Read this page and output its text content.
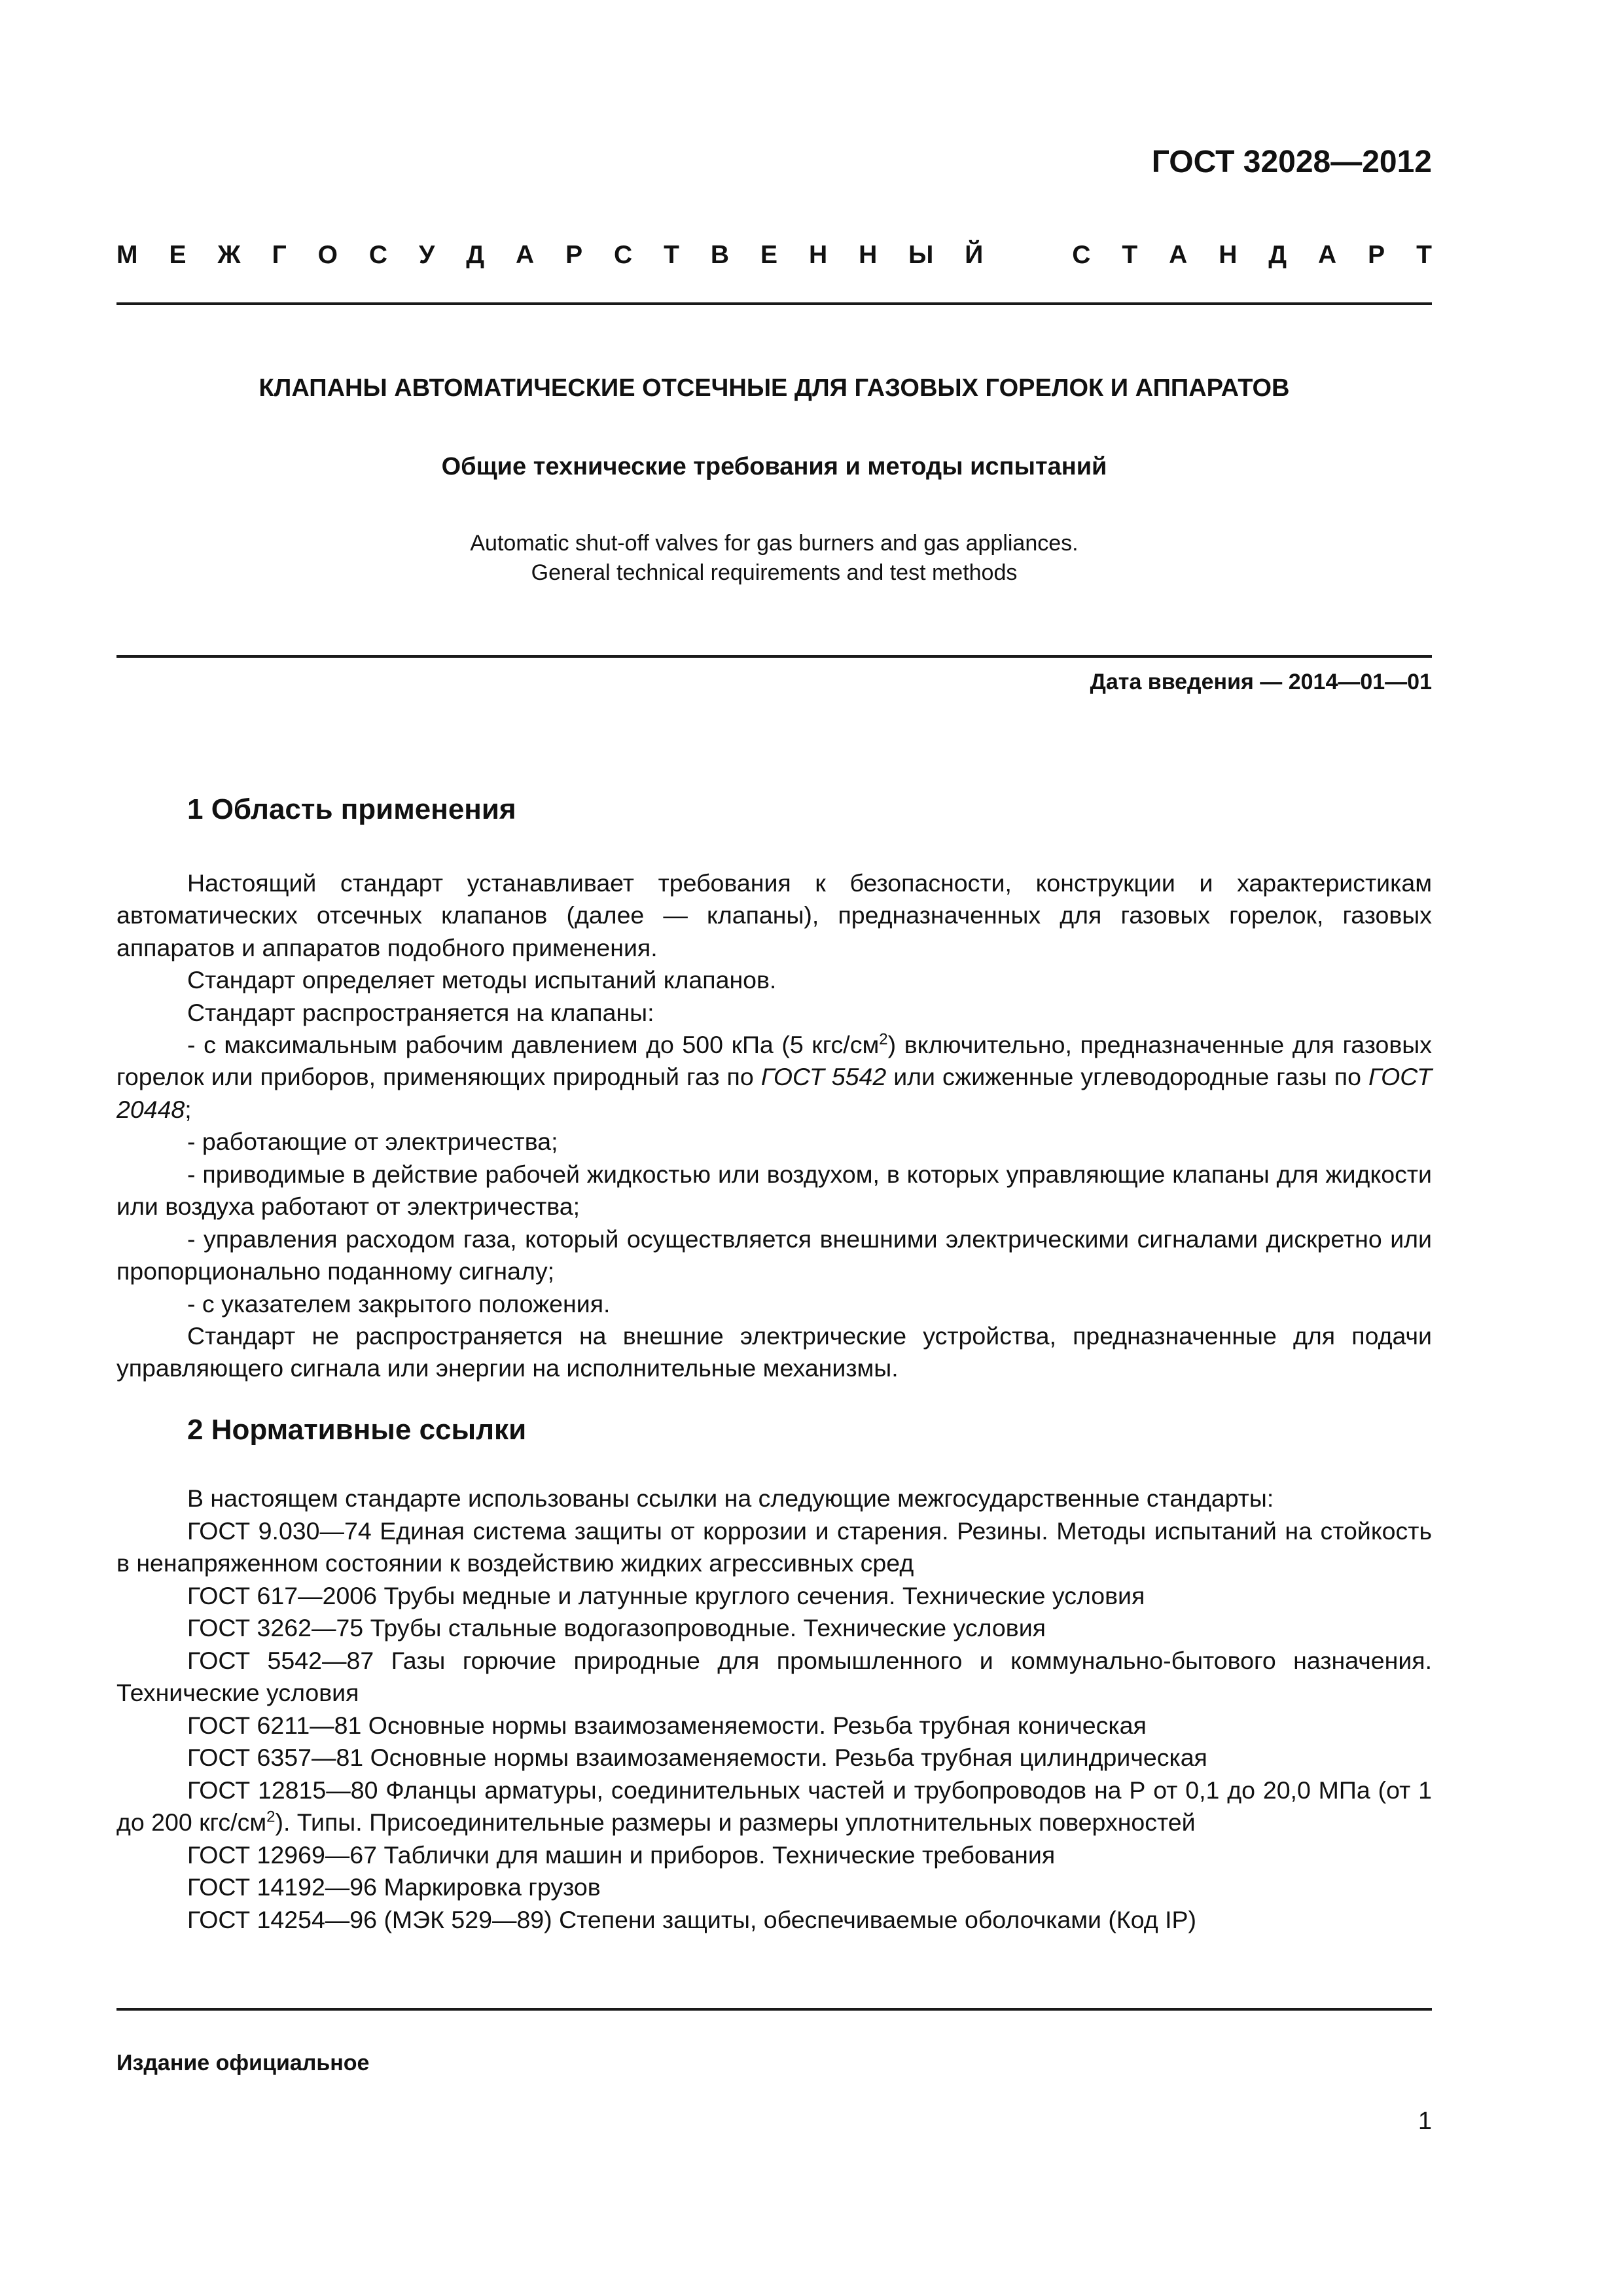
ГОСТ 32028—2012
М Е Ж Г О С У Д А Р С Т В Е Н Н Ы Й	С Т А Н Д А Р Т
КЛАПАНЫ АВТОМАТИЧЕСКИЕ ОТСЕЧНЫЕ ДЛЯ ГАЗОВЫХ ГОРЕЛОК И АППАРАТОВ
Общие технические требования и методы испытаний
Automatic shut-off valves for gas burners and gas appliances.
General technical requirements and test methods
Дата введения — 2014—01—01
1 Область применения

Настоящий стандарт устанавливает требования к безопасности, конструкции и характеристикам автоматических отсечных клапанов (далее — клапаны), предназначенных для газовых горелок, газовых аппаратов и аппаратов подобного применения.

Стандарт определяет методы испытаний клапанов.

Стандарт распространяется на клапаны:

- с максимальным рабочим давлением до 500 кПа (5 кгс/$см^2$) включительно, предназначенные для газовых горелок или приборов, применяющих природный газ по ГОСТ 5542 или сжиженные углеводородные газы по ГОСТ 20448;

- работающие от электричества;

- приводимые в действие рабочей жидкостью или воздухом, в которых управляющие клапаны для жидкости или воздуха работают от электричества;

- управления расходом газа, который осуществляется внешними электрическими сигналами дискретно или пропорционально поданному сигналу;

- с указателем закрытого положения.

Стандарт не распространяется на внешние электрические устройства, предназначенные для подачи управляющего сигнала или энергии на исполнительные механизмы.

2 Нормативные ссылки

В настоящем стандарте использованы ссылки на следующие межгосударственные стандарты:

ГОСТ 9.030—74 Единая система защиты от коррозии и старения. Резины. Методы испытаний на стойкость в ненапряженном состоянии к воздействию жидких агрессивных сред

ГОСТ 617—2006 Трубы медные и латунные круглого сечения. Технические условия

ГОСТ 3262—75 Трубы стальные водогазопроводные. Технические условия

ГОСТ 5542—87 Газы горючие природные для промышленного и коммунально-бытового назначения. Технические условия

ГОСТ 6211—81 Основные нормы взаимозаменяемости. Резьба трубная коническая

ГОСТ 6357—81 Основные нормы взаимозаменяемости. Резьба трубная цилиндрическая

ГОСТ 12815—80 Фланцы арматуры, соединительных частей и трубопроводов на Р от 0,1 до 20,0 МПа (от 1 до 200 кгс/$см^2$). Типы. Присоединительные размеры и размеры уплотнительных поверхностей

ГОСТ 12969—67 Таблички для машин и приборов. Технические требования

ГОСТ 14192—96 Маркировка грузов

ГОСТ 14254—96 (МЭК 529—89) Степени защиты, обеспечиваемые оболочками (Код IP)

Издание официальное
1
